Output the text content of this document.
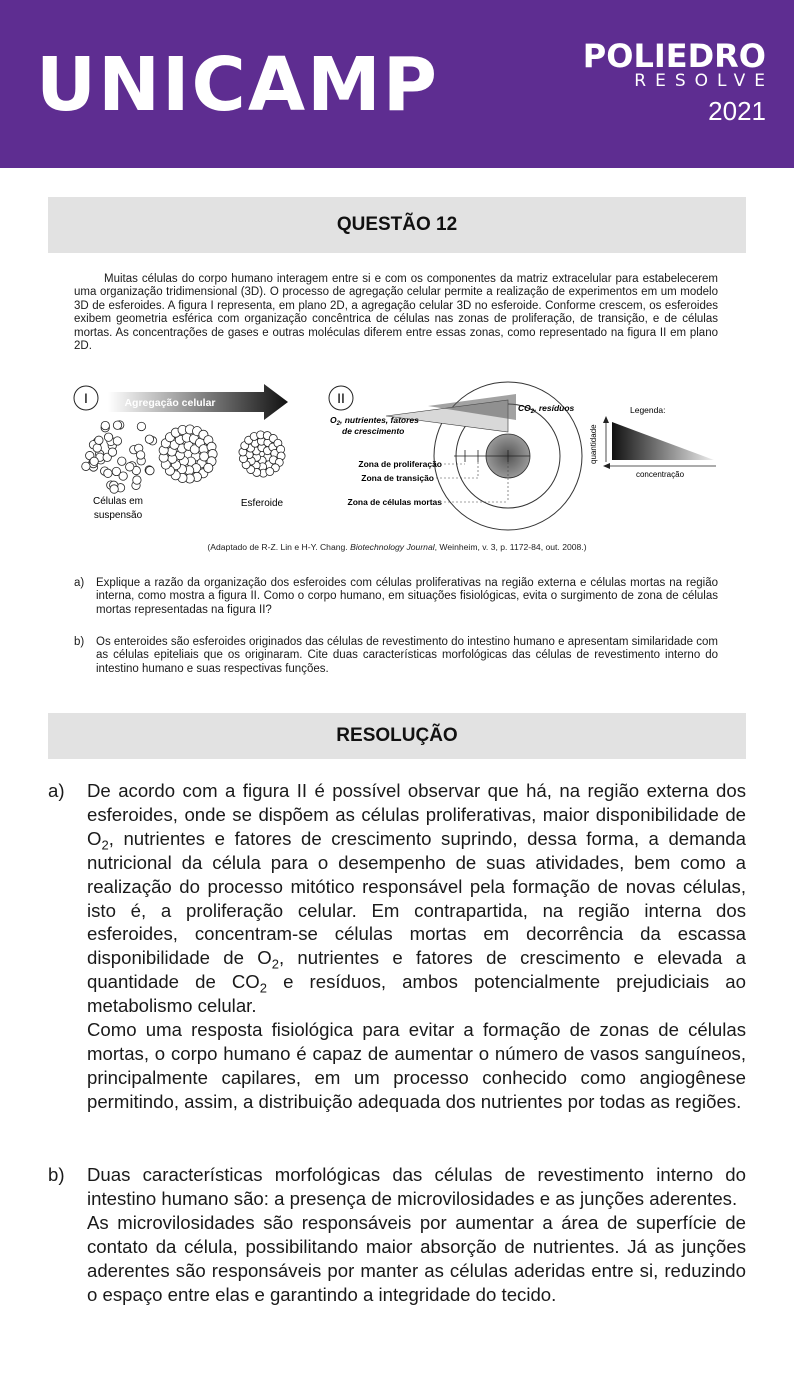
UNICAMP	POLIEDRO
RESOLVE
2021
QUESTÃO 12
Muitas células do corpo humano interagem entre si e com os componentes da matriz extracelular para estabelecerem uma organização tridimensional (3D). O processo de agregação celular permite a realização de experimentos em um modelo 3D de esferoides. A figura I representa, em plano 2D, a agregação celular 3D no esferoide. Conforme crescem, os esferoides exibem geometria esférica com organização concêntrica de células nas zonas de proliferação, de transição, e de células mortas. As concentrações de gases e outras moléculas diferem entre essas zonas, como representado na figura II em plano 2D.
I	Agregação celular
Células em
suspensão
Esferoide
II
$O_2$, nutrientes, fatores
de crescimento
$CO_2$, resíduos
Zona de proliferação
Zona de transição
Zona de células mortas
Legenda:
quantidade
concentração
(Adaptado de R-Z. Lin e H-Y. Chang. Biotechnology Journal, Weinheim, v. 3, p. 1172-84, out. 2008.)
a) Explique a razão da organização dos esferoides com células proliferativas na região externa e células mortas na região interna, como mostra a figura II. Como o corpo humano, em situações fisiológicas, evita o surgimento de zona de células mortas representadas na figura II?
b) Os enteroides são esferoides originados das células de revestimento do intestino humano e apresentam similaridade com as células epiteliais que os originaram. Cite duas características morfológicas das células de revestimento interno do intestino humano e suas respectivas funções.
RESOLUÇÃO
a) De acordo com a figura II é possível observar que há, na região externa dos esferoides, onde se dispõem as células proliferativas, maior disponibilidade de $O_2$, nutrientes e fatores de crescimento suprindo, dessa forma, a demanda nutricional da célula para o desempenho de suas atividades, bem como a realização do processo mitótico responsável pela formação de novas células, isto é, a proliferação celular. Em contrapartida, na região interna dos esferoides, concentram-se células mortas em decorrência da escassa disponibilidade de $O_2$, nutrientes e fatores de crescimento e elevada a quantidade de $CO_2$ e resíduos, ambos potencialmente prejudiciais ao metabolismo celular.

Como uma resposta fisiológica para evitar a formação de zonas de células mortas, o corpo humano é capaz de aumentar o número de vasos sanguíneos, principalmente capilares, em um processo conhecido como angiogênese permitindo, assim, a distribuição adequada dos nutrientes por todas as regiões.

b) Duas características morfológicas das células de revestimento interno do intestino humano são: a presença de microvilosidades e as junções aderentes.

As microvilosidades são responsáveis por aumentar a área de superfície de contato da célula, possibilitando maior absorção de nutrientes. Já as junções aderentes são responsáveis por manter as células aderidas entre si, reduzindo o espaço entre elas e garantindo a integridade do tecido.
